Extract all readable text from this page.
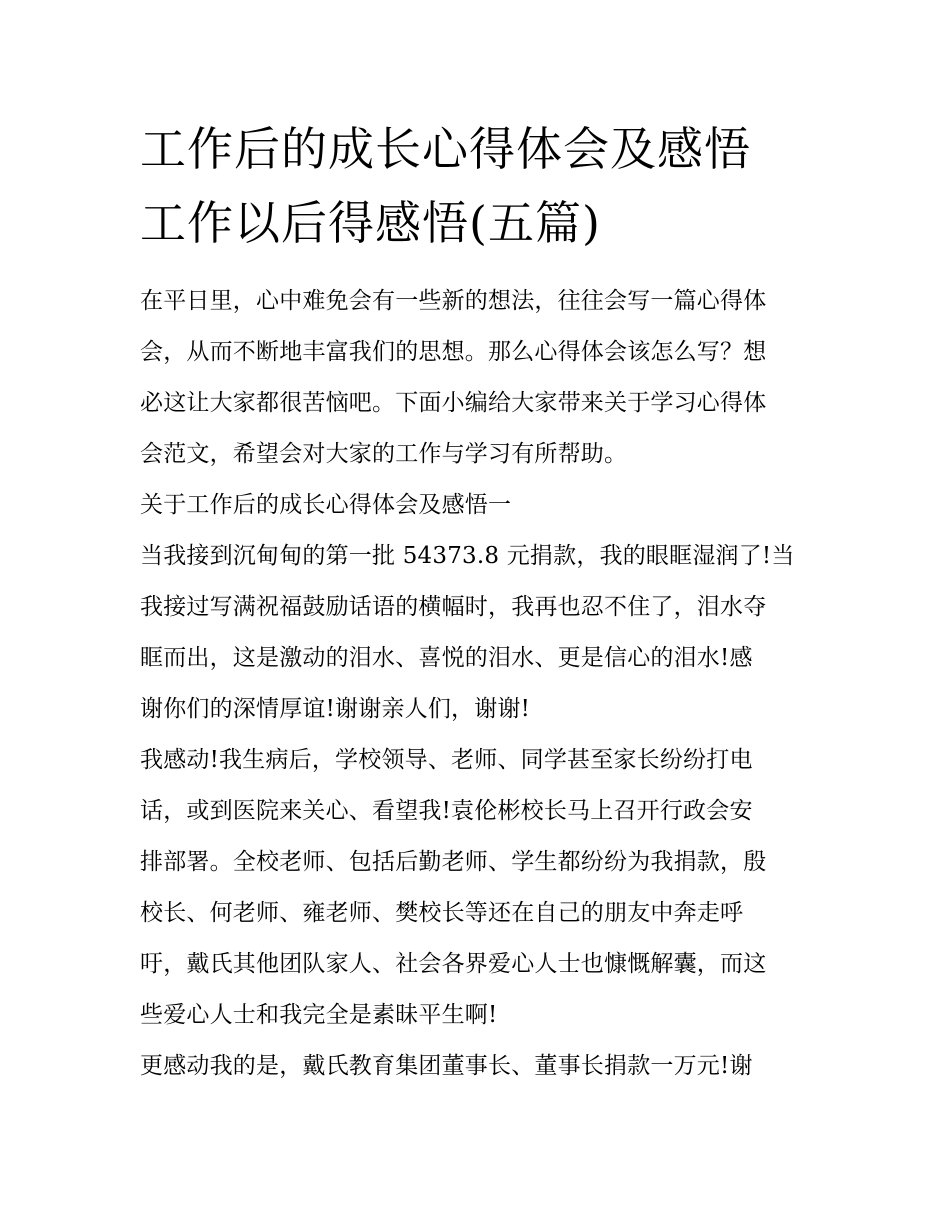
工作后的成长心得体会及感悟
工作以后得感悟(五篇)
在平日里，心中难免会有一些新的想法，往往会写一篇心得体
会，从而不断地丰富我们的思想。那么心得体会该怎么写？想
必这让大家都很苦恼吧。下面小编给大家带来关于学习心得体
会范文，希望会对大家的工作与学习有所帮助。
关于工作后的成长心得体会及感悟一
当我接到沉甸甸的第一批 54373.8 元捐款，我的眼眶湿润了!当
我接过写满祝福鼓励话语的横幅时，我再也忍不住了，泪水夺
眶而出，这是激动的泪水、喜悦的泪水、更是信心的泪水!感
谢你们的深情厚谊!谢谢亲人们，谢谢!
我感动!我生病后，学校领导、老师、同学甚至家长纷纷打电
话，或到医院来关心、看望我!袁伦彬校长马上召开行政会安
排部署。全校老师、包括后勤老师、学生都纷纷为我捐款，殷
校长、何老师、雍老师、樊校长等还在自己的朋友中奔走呼
吁，戴氏其他团队家人、社会各界爱心人士也慷慨解囊，而这
些爱心人士和我完全是素昧平生啊!
更感动我的是，戴氏教育集团董事长、董事长捐款一万元!谢
